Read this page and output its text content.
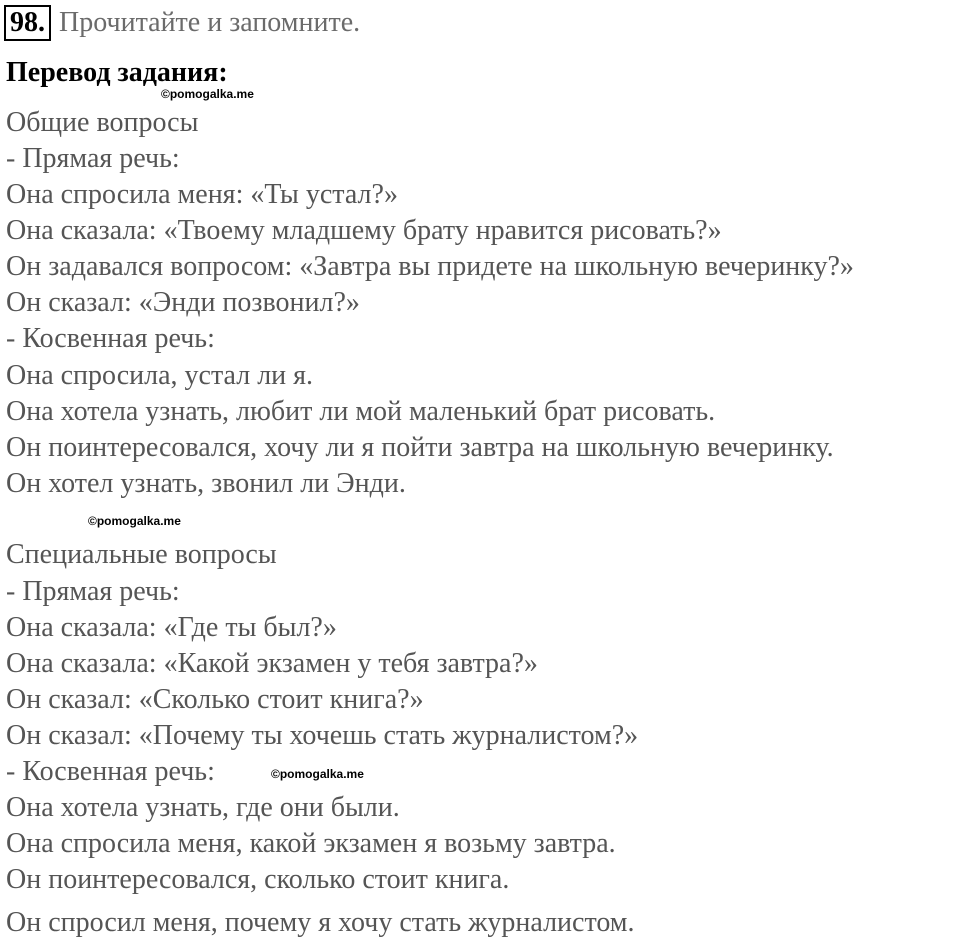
98. Прочитайте и запомните.
Перевод задания:
©pomogalka.me
Общие вопросы
- Прямая речь:
Она спросила меня: «Ты устал?»
Она сказала: «Твоему младшему брату нравится рисовать?»
Он задавался вопросом: «Завтра вы придете на школьную вечеринку?»
Он сказал: «Энди позвонил?»
- Косвенная речь:
Она спросила, устал ли я.
Она хотела узнать, любит ли мой маленький брат рисовать.
Он поинтересовался, хочу ли я пойти завтра на школьную вечеринку.
Он хотел узнать, звонил ли Энди.
©pomogalka.me
Специальные вопросы
- Прямая речь:
Она сказала: «Где ты был?»
Она сказала: «Какой экзамен у тебя завтра?»
Он сказал: «Сколько стоит книга?»
Он сказал: «Почему ты хочешь стать журналистом?»
- Косвенная речь:	©pomogalka.me
Она хотела узнать, где они были.
Она спросила меня, какой экзамен я возьму завтра.
Он поинтересовался, сколько стоит книга.
Он спросил меня, почему я хочу стать журналистом.
